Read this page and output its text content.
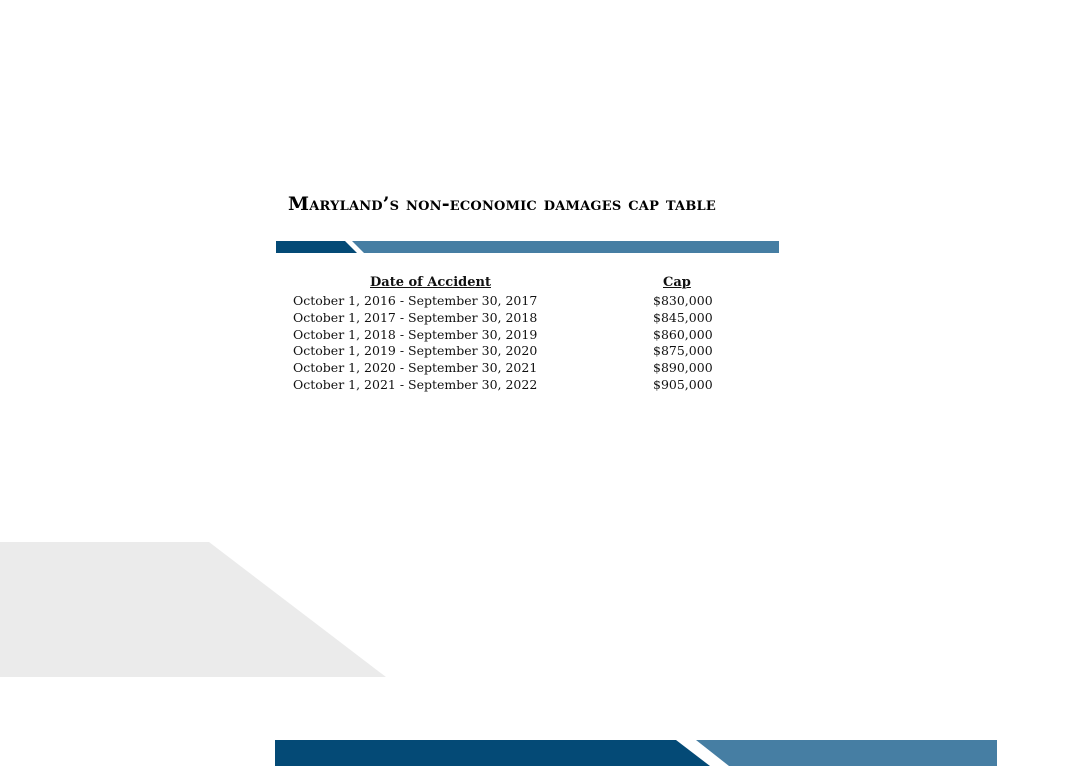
Maryland’s non-economic damages cap table
Date of Accident	Cap
October 1, 2016 - September 30, 2017	$830,000
October 1, 2017 - September 30, 2018	$845,000
October 1, 2018 - September 30, 2019	$860,000
October 1, 2019 - September 30, 2020	$875,000
October 1, 2020 - September 30, 2021	$890,000
October 1, 2021 - September 30, 2022	$905,000
